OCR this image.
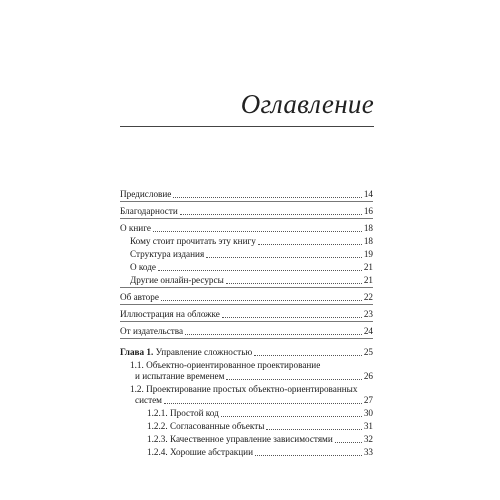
Оглавление
Предисловие	14
Благодарности	16
О книге	18
Кому стоит прочитать эту книгу	18
Структура издания	19
О коде	21
Другие онлайн-ресурсы	21
Об авторе	22
Иллюстрация на обложке	23
От издательства	24
Глава 1. Управление сложностью	25
1.1. Объектно-ориентированное проектирование
и испытание временем	26
1.2. Проектирование простых объектно-ориентированных
систем	27
1.2.1. Простой код	30
1.2.2. Согласованные объекты	31
1.2.3. Качественное управление зависимостями	32
1.2.4. Хорошие абстракции	33
